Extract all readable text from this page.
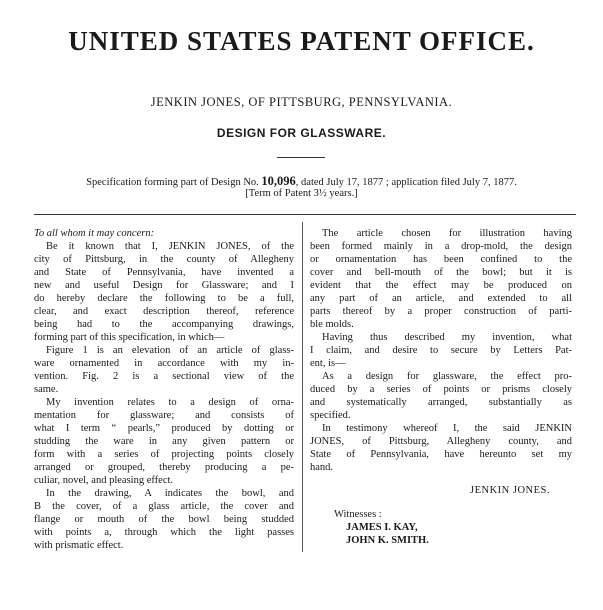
UNITED STATES PATENT OFFICE.
JENKIN JONES, OF PITTSBURG, PENNSYLVANIA.
DESIGN FOR GLASSWARE.
Specification forming part of Design No. 10,096, dated July 17, 1877 ; application filed July 7, 1877.
[Term of Patent 3½ years.]
To all whom it may concern:
Be it known that I, JENKIN JONES, of the
city of Pittsburg, in the county of Allegheny
and State of Pennsylvania, have invented a
new and useful Design for Glassware; and I
do hereby declare the following to be a full,
clear, and exact description thereof, reference
being had to the accompanying drawings,
forming part of this specification, in which—
Figure 1 is an elevation of an article of glass-
ware ornamented in accordance with my in-
vention. Fig. 2 is a sectional view of the
same.
My invention relates to a design of orna-
mentation for glassware; and consists of
what I term “ pearls,” produced by dotting or
studding the ware in any given pattern or
form with a series of projecting points closely
arranged or grouped, thereby producing a pe-
culiar, novel, and pleasing effect.
In the drawing, A indicates the bowl, and
B the cover, of a glass article, the cover and
flange or mouth of the bowl being studded
with points a, through which the light passes
with prismatic effect.
The article chosen for illustration having
been formed mainly in a drop-mold, the design
or ornamentation has been confined to the
cover and bell-mouth of the bowl; but it is
evident that the effect may be produced on
any part of an article, and extended to all
parts thereof by a proper construction of parti-
ble molds.
Having thus described my invention, what
I claim, and desire to secure by Letters Pat-
ent, is—
As a design for glassware, the effect pro-
duced by a series of points or prisms closely
and systematically arranged, substantially as
specified.
In testimony whereof I, the said JENKIN
JONES, of Pittsburg, Allegheny county, and
State of Pennsylvania, have hereunto set my
hand.
JENKIN JONES.
Witnesses :
JAMES I. KAY,
JOHN K. SMITH.
